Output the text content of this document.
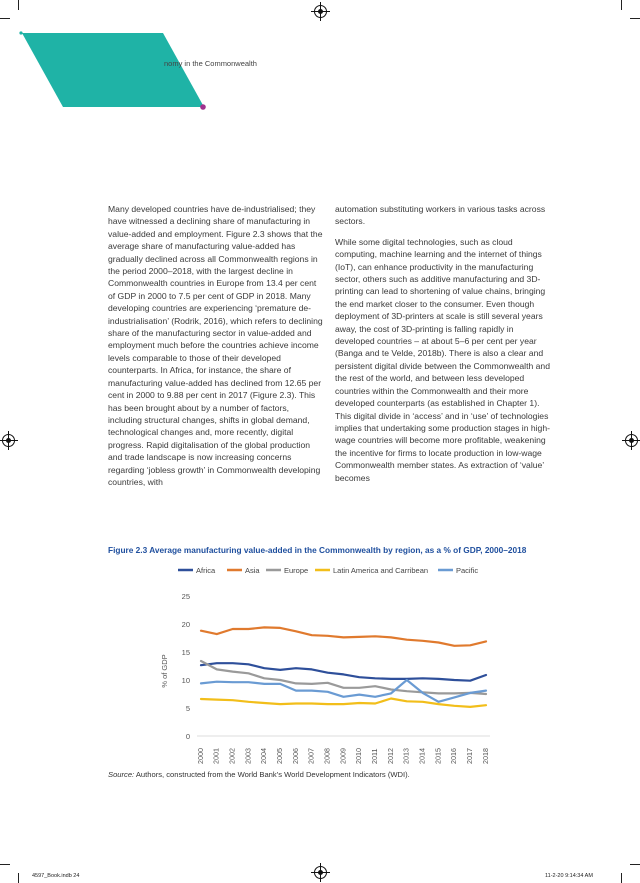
nomy in the Commonwealth

Many developed countries have de-industrialised; they have witnessed a declining share of manufacturing in value-added and employment. Figure 2.3 shows that the average share of manufacturing value-added has gradually declined across all Commonwealth regions in the period 2000–2018, with the largest decline in Commonwealth countries in Europe from 13.4 per cent of GDP in 2000 to 7.5 per cent of GDP in 2018. Many developing countries are experiencing ‘premature de-industrialisation’ (Rodrik, 2016), which refers to declining share of the manufacturing sector in value-added and employment much before the countries achieve income levels comparable to those of their developed counterparts. In Africa, for instance, the share of manufacturing value-added has declined from 12.65 per cent in 2000 to 9.88 per cent in 2017 (Figure 2.3). This has been brought about by a number of factors, including structural changes, shifts in global demand, technological changes and, more recently, digital progress. Rapid digitalisation of the global production and trade landscape is now increasing concerns regarding ‘jobless growth’ in Commonwealth developing countries, with

automation substituting workers in various tasks across sectors.

While some digital technologies, such as cloud computing, machine learning and the internet of things (IoT), can enhance productivity in the manufacturing sector, others such as additive manufacturing and 3D-printing can lead to shortening of value chains, bringing the end market closer to the consumer. Even though deployment of 3D-printers at scale is still several years away, the cost of 3D-printing is falling rapidly in developed countries – at about 5–6 per cent per year (Banga and te Velde, 2018b). There is also a clear and persistent digital divide between the Commonwealth and the rest of the world, and between less developed countries within the Commonwealth and their more developed counterparts (as established in Chapter 1). This digital divide in ‘access’ and in ‘use’ of technologies implies that undertaking some production stages in high-wage countries will become more profitable, weakening the incentive for firms to locate production in low-wage Commonwealth member states. As extraction of ‘value’ becomes

Figure 2.3 Average manufacturing value-added in the Commonwealth by region, as a % of GDP, 2000–2018
0
5
10
15
20
25
2000 2001 2002 2003 2004 2005 2006 2007 2008 2009 2010 2011 2012 2013 2014 2015 2016 2017 2018
% of GDP
Africa	Asia	Europe	Latin America and Carribean	Pacific
Source: Authors, constructed from the World Bank’s World Development Indicators (WDI).
4597_Book.indb 24	11-2-20 9:14:34 AM
